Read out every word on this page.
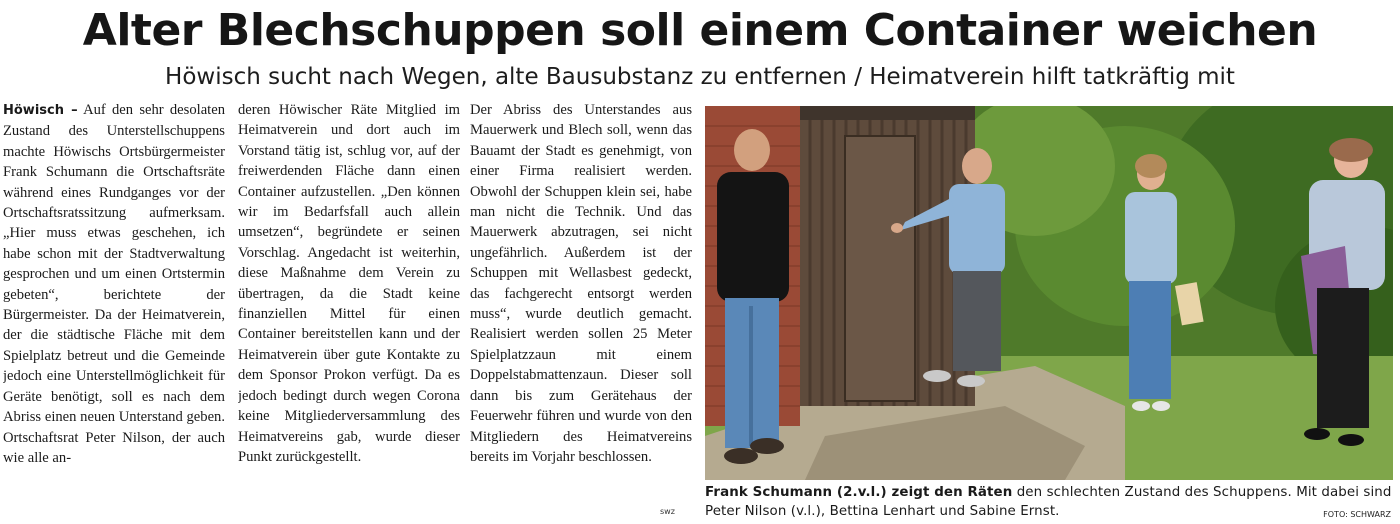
Alter Blechschuppen soll einem Container weichen
Höwisch sucht nach Wegen, alte Bausubstanz zu entfernen / Heimatverein hilft tatkräftig mit

Höwisch – Auf den sehr desolaten Zustand des Unterstellschuppens machte Höwischs Ortsbürgermeister Frank Schumann die Ortschaftsräte während eines Rundganges vor der Ortschaftsratssitzung aufmerksam. „Hier muss etwas geschehen, ich habe schon mit der Stadtverwaltung gesprochen und um einen Ortstermin gebeten“, berichtete der Bürgermeister. Da der Heimatverein, der die städtische Fläche mit dem Spielplatz betreut und die Gemeinde jedoch eine Unterstellmöglichkeit für Geräte benötigt, soll es nach dem Abriss einen neuen Unterstand geben. Ortschaftsrat Peter Nilson, der auch wie alle an-

deren Höwischer Räte Mitglied im Heimatverein und dort auch im Vorstand tätig ist, schlug vor, auf der freiwerdenden Fläche dann einen Container aufzustellen. „Den können wir im Bedarfsfall auch allein umsetzen“, begründete er seinen Vorschlag. Angedacht ist weiterhin, diese Maßnahme dem Verein zu übertragen, da die Stadt keine finanziellen Mittel für einen Container bereitstellen kann und der Heimatverein über gute Kontakte zu dem Sponsor Prokon verfügt. Da es jedoch bedingt durch wegen Corona keine Mitgliederversammlung des Heimatvereins gab, wurde dieser Punkt zurückgestellt.

Der Abriss des Unterstandes aus Mauerwerk und Blech soll, wenn das Bauamt der Stadt es genehmigt, von einer Firma realisiert werden. Obwohl der Schuppen klein sei, habe man nicht die Technik. Und das Mauerwerk abzutragen, sei nicht ungefährlich. Außerdem ist der Schuppen mit Wellasbest gedeckt, das fachgerecht entsorgt werden muss“, wurde deutlich gemacht. Realisiert werden sollen 25 Meter Spielplatzzaun mit einem Doppelstabmattenzaun. Dieser soll dann bis zum Gerätehaus der Feuerwehr führen und wurde von den Mitgliedern des Heimatvereins bereits im Vorjahr beschlossen.

swz
Frank Schumann (2.v.l.) zeigt den Räten den schlechten Zustand des Schuppens. Mit dabei sind Peter Nilson (v.l.), Bettina Lenhart und Sabine Ernst.	FOTO: SCHWARZ
